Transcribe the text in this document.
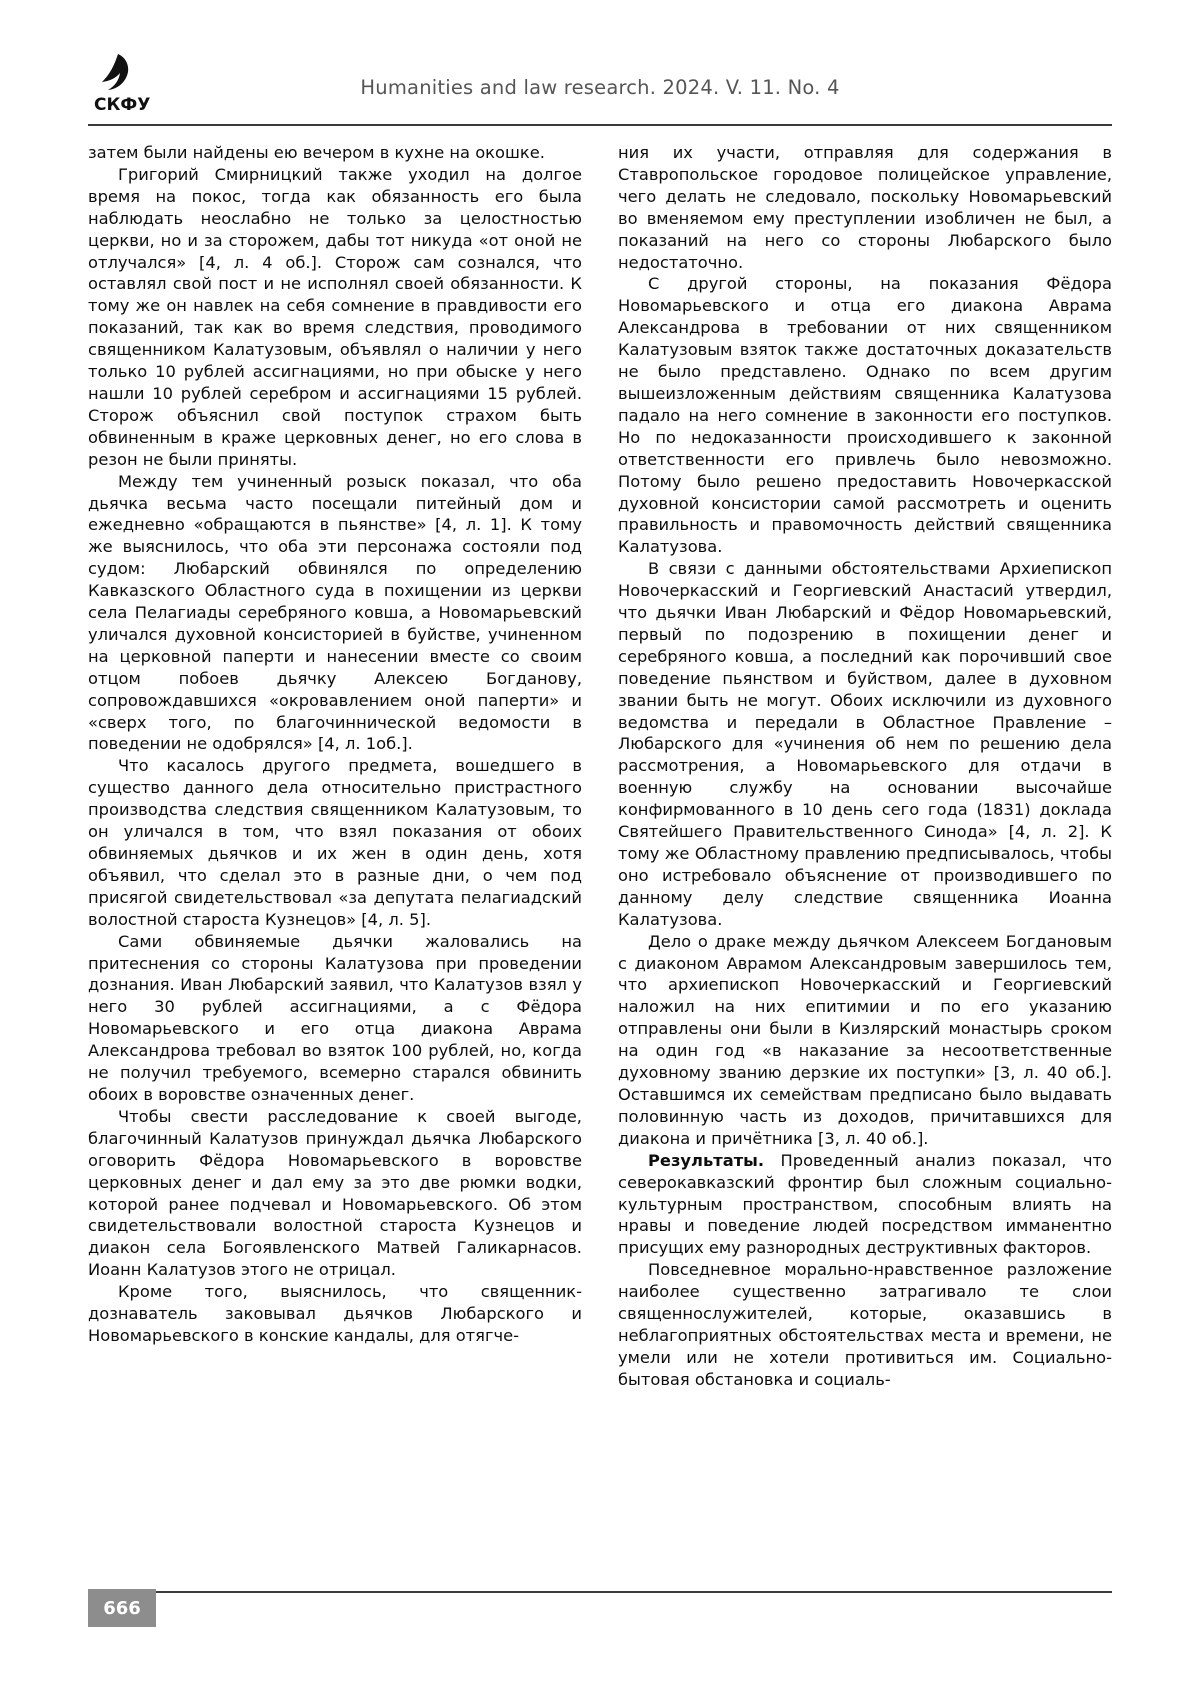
СКФУ
Humanities and law research. 2024. V. 11. No. 4

затем были найдены ею вечером в кухне на окошке.

Григорий Смирницкий также уходил на долгое время на покос, тогда как обязанность его была наблюдать неослабно не только за целостностью церкви, но и за сторожем, дабы тот никуда «от оной не отлучался» [4, л. 4 об.]. Сторож сам сознался, что оставлял свой пост и не исполнял своей обязанности. К тому же он навлек на себя сомнение в правдивости его показаний, так как во время следствия, проводимого священником Калатузовым, объявлял о наличии у него только 10 рублей ассигнациями, но при обыске у него нашли 10 рублей серебром и ассигнациями 15 рублей. Сторож объяснил свой поступок страхом быть обвиненным в краже церковных денег, но его слова в резон не были приняты.

Между тем учиненный розыск показал, что оба дьячка весьма часто посещали питейный дом и ежедневно «обращаются в пьянстве» [4, л. 1]. К тому же выяснилось, что оба эти персонажа состояли под судом: Любарский обвинялся по определению Кавказского Областного суда в похищении из церкви села Пелагиады серебряного ковша, а Новомарьевский уличался духовной консисторией в буйстве, учиненном на церковной паперти и нанесении вместе со своим отцом побоев дьячку Алексею Богданову, сопровождавшихся «окровавлением оной паперти» и «сверх того, по благочиннической ведомости в поведении не одобрялся» [4, л. 1об.].

Что касалось другого предмета, вошедшего в существо данного дела относительно пристрастного производства следствия священником Калатузовым, то он уличался в том, что взял показания от обоих обвиняемых дьячков и их жен в один день, хотя объявил, что сделал это в разные дни, о чем под присягой свидетельствовал «за депутата пелагиадский волостной староста Кузнецов» [4, л. 5].

Сами обвиняемые дьячки жаловались на притеснения со стороны Калатузова при проведении дознания. Иван Любарский заявил, что Калатузов взял у него 30 рублей ассигнациями, а с Фёдора Новомарьевского и его отца диакона Аврама Александрова требовал во взяток 100 рублей, но, когда не получил требуемого, всемерно старался обвинить обоих в воровстве означенных денег.

Чтобы свести расследование к своей выгоде, благочинный Калатузов принуждал дьячка Любарского оговорить Фёдора Новомарьевского в воровстве церковных денег и дал ему за это две рюмки водки, которой ранее подчевал и Новомарьевского. Об этом свидетельствовали волостной староста Кузнецов и диакон села Богоявленского Матвей Галикарнасов. Иоанн Калатузов этого не отрицал.

Кроме того, выяснилось, что священник-дознаватель заковывал дьячков Любарского и Новомарьевского в конские кандалы, для отягче-

ния их участи, отправляя для содержания в Ставропольское городовое полицейское управление, чего делать не следовало, поскольку Новомарьевский во вменяемом ему преступлении изобличен не был, а показаний на него со стороны Любарского было недостаточно.

С другой стороны, на показания Фёдора Новомарьевского и отца его диакона Аврама Александрова в требовании от них священником Калатузовым взяток также достаточных доказательств не было представлено. Однако по всем другим вышеизложенным действиям священника Калатузова падало на него сомнение в законности его поступков. Но по недоказанности происходившего к законной ответственности его привлечь было невозможно. Потому было решено предоставить Новочеркасской духовной консистории самой рассмотреть и оценить правильность и правомочность действий священника Калатузова.

В связи с данными обстоятельствами Архиепископ Новочеркасский и Георгиевский Анастасий утвердил, что дьячки Иван Любарский и Фёдор Новомарьевский, первый по подозрению в похищении денег и серебряного ковша, а последний как порочивший свое поведение пьянством и буйством, далее в духовном звании быть не могут. Обоих исключили из духовного ведомства и передали в Областное Правление – Любарского для «учинения об нем по решению дела рассмотрения, а Новомарьевского для отдачи в военную службу на основании высочайше конфирмованного в 10 день сего года (1831) доклада Святейшего Правительственного Синода» [4, л. 2]. К тому же Областному правлению предписывалось, чтобы оно истребовало объяснение от производившего по данному делу следствие священника Иоанна Калатузова.

Дело о драке между дьячком Алексеем Богдановым с диаконом Аврамом Александровым завершилось тем, что архиепископ Новочеркасский и Георгиевский наложил на них епитимии и по его указанию отправлены они были в Кизлярский монастырь сроком на один год «в наказание за несоответственные духовному званию дерзкие их поступки» [3, л. 40 об.]. Оставшимся их семействам предписано было выдавать половинную часть из доходов, причитавшихся для диакона и причётника [3, л. 40 об.].

Результаты. Проведенный анализ показал, что северокавказский фронтир был сложным социально-культурным пространством, способным влиять на нравы и поведение людей посредством имманентно присущих ему разнородных деструктивных факторов.

Повседневное морально-нравственное разложение наиболее существенно затрагивало те слои священнослужителей, которые, оказавшись в неблагоприятных обстоятельствах места и времени, не умели или не хотели противиться им. Социально-бытовая обстановка и социаль-

666
